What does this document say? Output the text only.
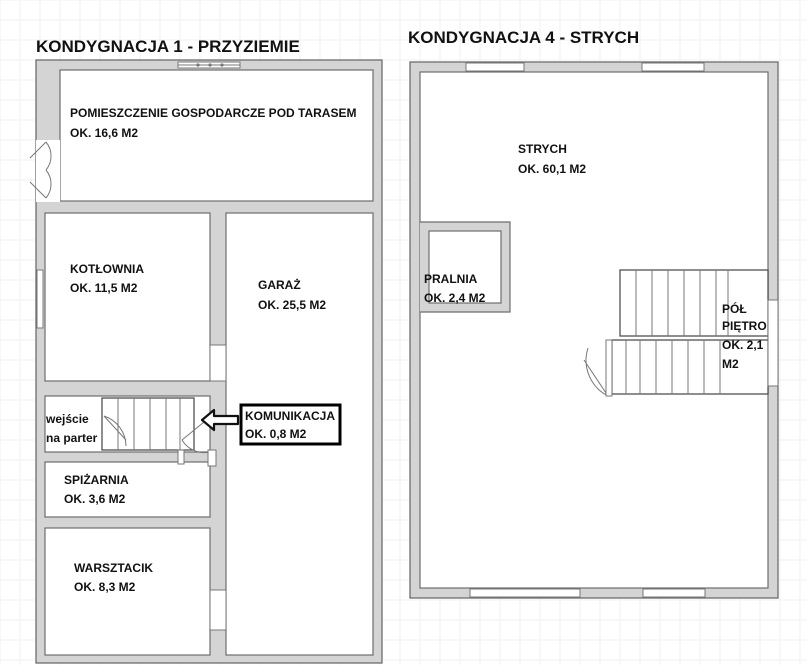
KONDYGNACJA 1 - PRZYZIEMIE	KONDYGNACJA 4 - STRYCH
POMIESZCZENIE GOSPODARCZE POD TARASEM
OK. 16,6 M2
KOTŁOWNIA
OK. 11,5 M2	GARAŻ
OK. 25,5 M2
wejście
na parter
KOMUNIKACJA
OK. 0,8 M2
SPIŻARNIA
OK. 3,6 M2
WARSZTACIK
OK. 8,3 M2
STRYCH
OK. 60,1 M2
PRALNIA
OK. 2,4 M2
PÓŁ
PIĘTRO
OK. 2,1
M2
